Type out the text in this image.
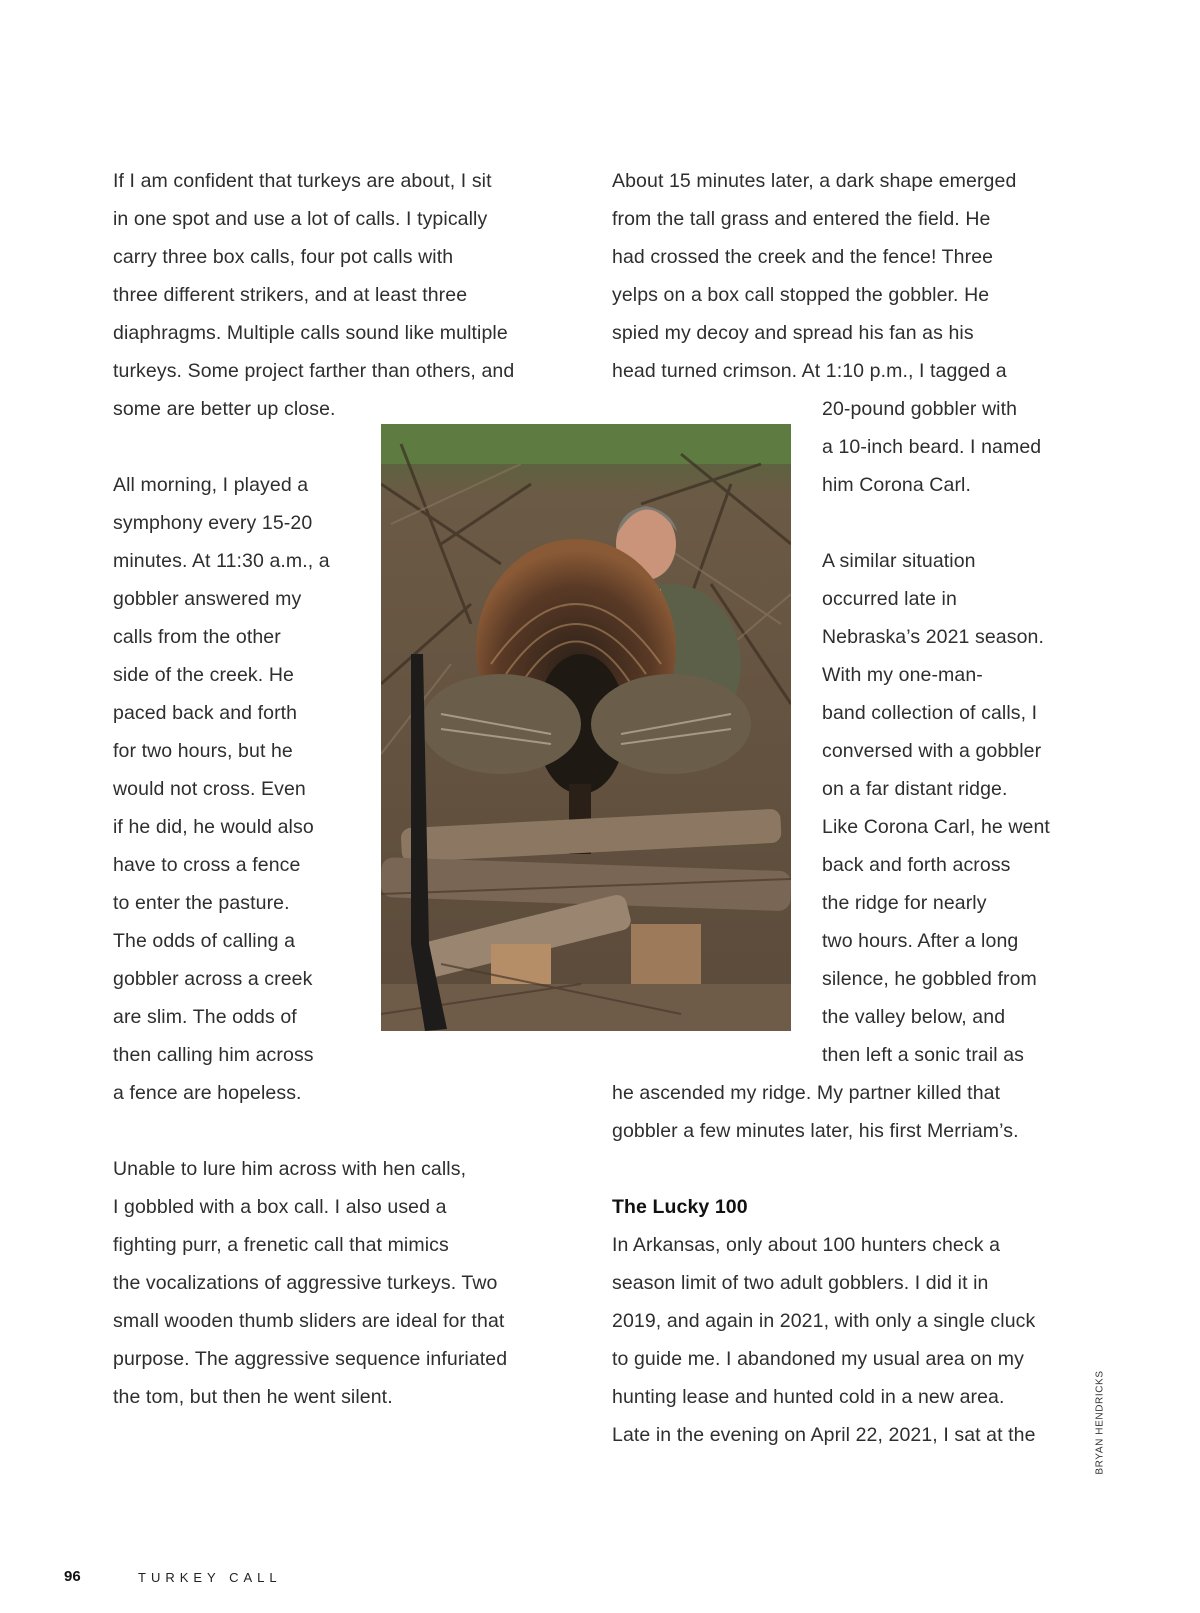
If I am confident that turkeys are about, I sit
in one spot and use a lot of calls. I typically
carry three box calls, four pot calls with
three different strikers, and at least three
diaphragms. Multiple calls sound like multiple
turkeys. Some project farther than others, and
some are better up close.
All morning, I played a
symphony every 15-20
minutes. At 11:30 a.m., a
gobbler answered my
calls from the other
side of the creek. He
paced back and forth
for two hours, but he
would not cross. Even
if he did, he would also
have to cross a fence
to enter the pasture.
The odds of calling a
gobbler across a creek
are slim. The odds of
then calling him across
a fence are hopeless.
Unable to lure him across with hen calls,
I gobbled with a box call. I also used a
fighting purr, a frenetic call that mimics
the vocalizations of aggressive turkeys. Two
small wooden thumb sliders are ideal for that
purpose. The aggressive sequence infuriated
the tom, but then he went silent.
About 15 minutes later, a dark shape emerged
from the tall grass and entered the field. He
had crossed the creek and the fence! Three
yelps on a box call stopped the gobbler. He
spied my decoy and spread his fan as his
head turned crimson. At 1:10 p.m., I tagged a
20-pound gobbler with
a 10-inch beard. I named
him Corona Carl.
A similar situation
occurred late in
Nebraska’s 2021 season.
With my one-man-
band collection of calls, I
conversed with a gobbler
on a far distant ridge.
Like Corona Carl, he went
back and forth across
the ridge for nearly
two hours. After a long
silence, he gobbled from
the valley below, and
then left a sonic trail as
he ascended my ridge. My partner killed that
gobbler a few minutes later, his first Merriam’s.
The Lucky 100
In Arkansas, only about 100 hunters check a
season limit of two adult gobblers. I did it in
2019, and again in 2021, with only a single cluck
to guide me. I abandoned my usual area on my
hunting lease and hunted cold in a new area.
Late in the evening on April 22, 2021, I sat at the	BRYAN HENDRICKS
96	TURKEY CALL
